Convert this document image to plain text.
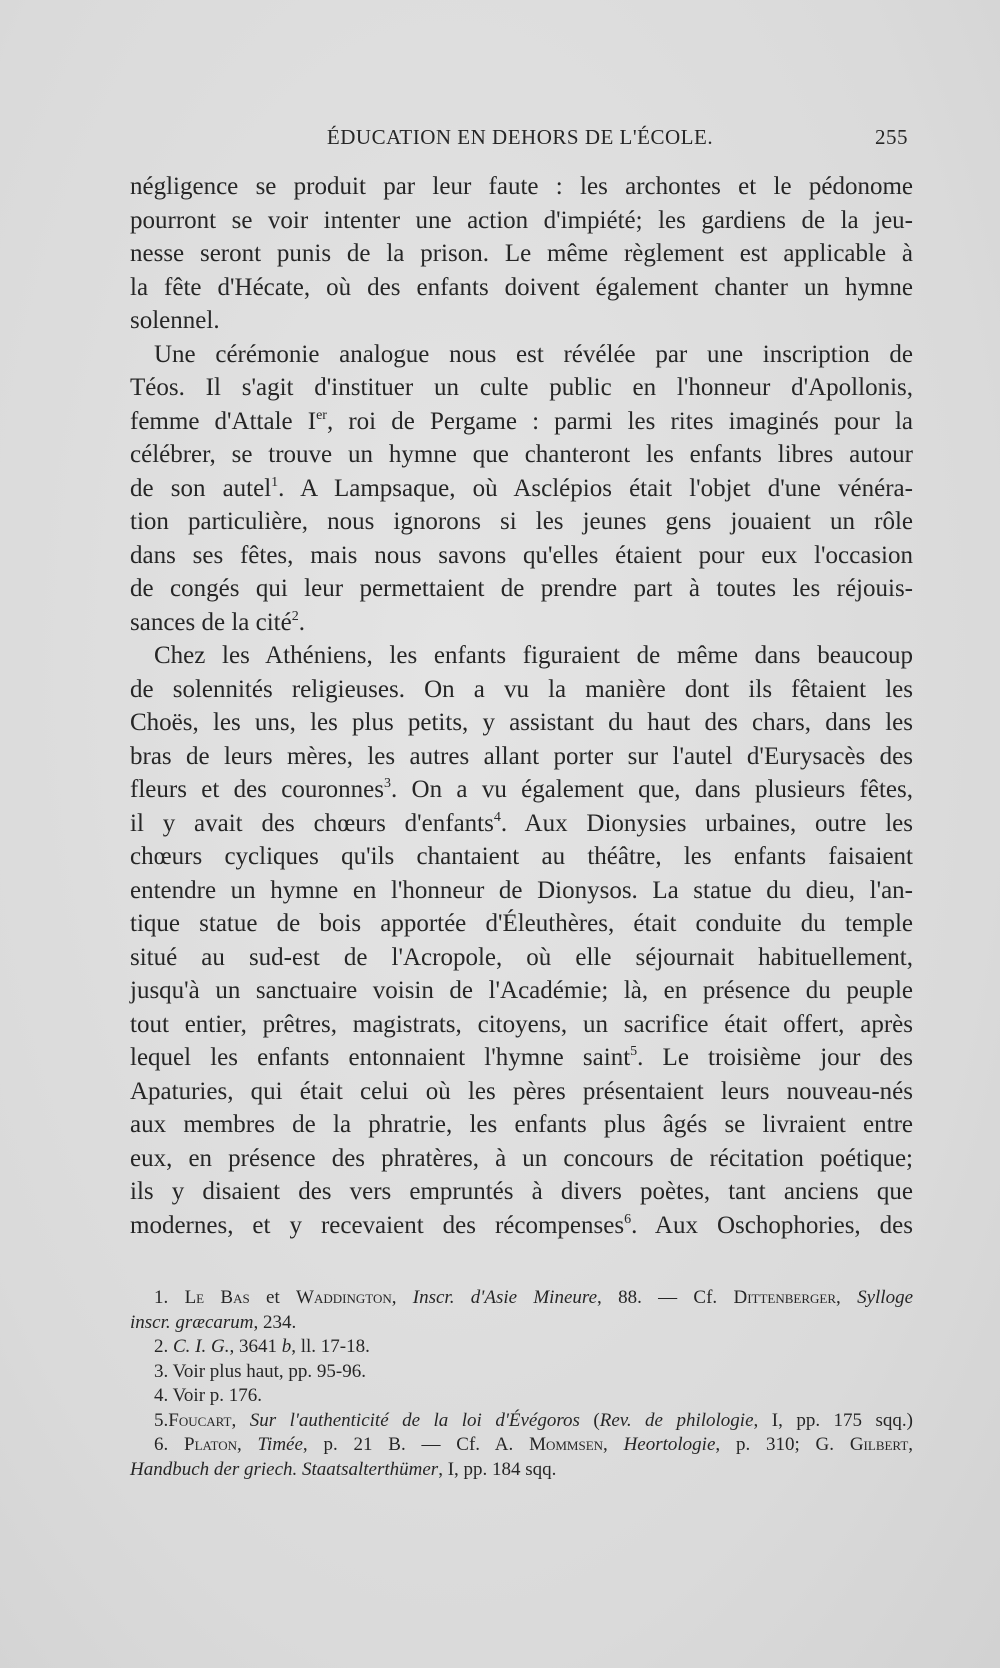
ÉDUCATION EN DEHORS DE L'ÉCOLE.	255
négligence se produit par leur faute : les archontes et le pédonome
pourront se voir intenter une action d'impiété; les gardiens de la jeu-
nesse seront punis de la prison. Le même règlement est applicable à
la fête d'Hécate, où des enfants doivent également chanter un hymne
solennel.
Une cérémonie analogue nous est révélée par une inscription de
Téos. Il s'agit d'instituer un culte public en l'honneur d'Apollonis,
femme d'Attale Ier, roi de Pergame : parmi les rites imaginés pour la
célébrer, se trouve un hymne que chanteront les enfants libres autour
de son autel$^1$. A Lampsaque, où Asclépios était l'objet d'une vénéra-
tion particulière, nous ignorons si les jeunes gens jouaient un rôle
dans ses fêtes, mais nous savons qu'elles étaient pour eux l'occasion
de congés qui leur permettaient de prendre part à toutes les réjouis-
sances de la cité$^2$.
Chez les Athéniens, les enfants figuraient de même dans beaucoup
de solennités religieuses. On a vu la manière dont ils fêtaient les
Choës, les uns, les plus petits, y assistant du haut des chars, dans les
bras de leurs mères, les autres allant porter sur l'autel d'Eurysacès des
fleurs et des couronnes$^3$. On a vu également que, dans plusieurs fêtes,
il y avait des chœurs d'enfants$^4$. Aux Dionysies urbaines, outre les
chœurs cycliques qu'ils chantaient au théâtre, les enfants faisaient
entendre un hymne en l'honneur de Dionysos. La statue du dieu, l'an-
tique statue de bois apportée d'Éleuthères, était conduite du temple
situé au sud-est de l'Acropole, où elle séjournait habituellement,
jusqu'à un sanctuaire voisin de l'Académie; là, en présence du peuple
tout entier, prêtres, magistrats, citoyens, un sacrifice était offert, après
lequel les enfants entonnaient l'hymne saint$^5$. Le troisième jour des
Apaturies, qui était celui où les pères présentaient leurs nouveau-nés
aux membres de la phratrie, les enfants plus âgés se livraient entre
eux, en présence des phratères, à un concours de récitation poétique;
ils y disaient des vers empruntés à divers poètes, tant anciens que
modernes, et y recevaient des récompenses$^6$. Aux Oschophories, des
1. Le Bas et Waddington, Inscr. d'Asie Mineure, 88. — Cf. Dittenberger, Sylloge
inscr. græcarum, 234.
2. C. I. G., 3641 b, ll. 17-18.
3. Voir plus haut, pp. 95-96.
4. Voir p. 176.
5.Foucart, Sur l'authenticité de la loi d'Évégoros (Rev. de philologie, I, pp. 175 sqq.)
6. Platon, Timée, p. 21 B. — Cf. A. Mommsen, Heortologie, p. 310; G. Gilbert,
Handbuch der griech. Staatsalterthümer, I, pp. 184 sqq.
